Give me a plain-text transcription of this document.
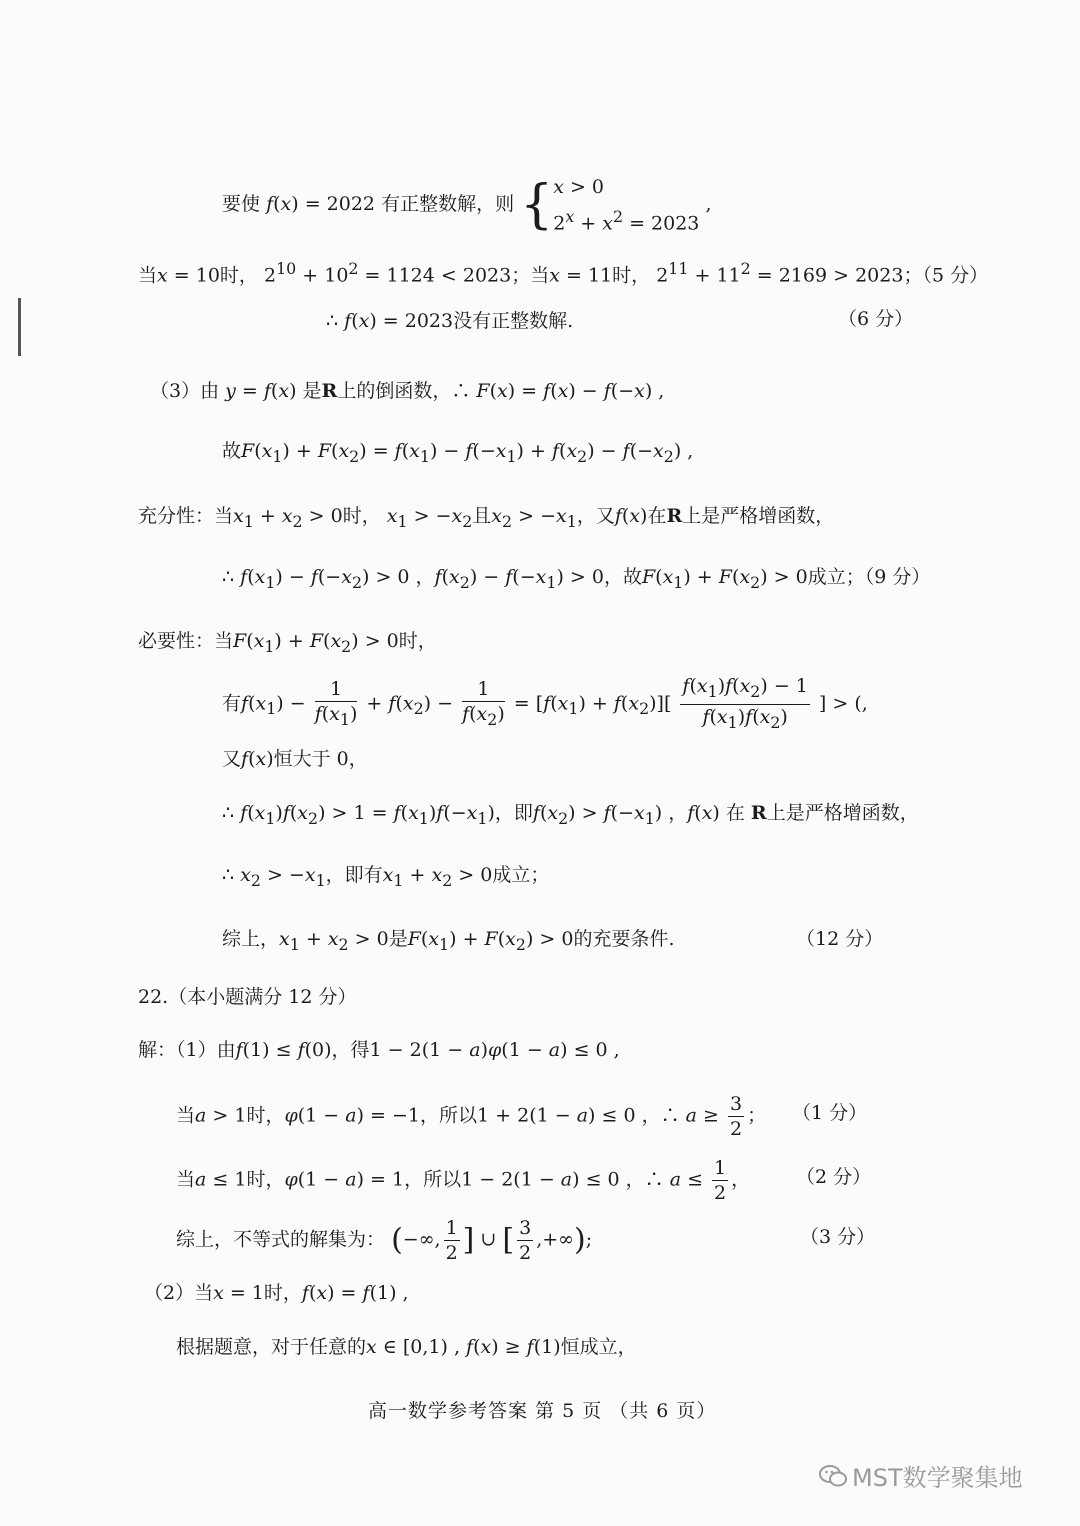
要使 f(x) = 2022 有正整数解，则 { x > 0
$2^x + x^2 = 2023$
,
当x = 10时， $2^{10} + 10^2 = 1124 < 2023$；当x = 11时， $2^{11} + 11^2 = 2169 > 2023$；（5 分）
∴ f(x) = 2023没有正整数解.	（6 分）
（3）由 y = f(x) 是R上的倒函数，∴ F(x) = f(x) − f(−x) ,
故$F(x_1) + F(x_2) = f(x_1) - f(-x_1) + f(x_2) - f(-x_2)$ ,
充分性：当$x_1 + x_2 > 0$时， $x_1 > -x_2$且$x_2 > -x_1$，又f(x)在R上是严格增函数，
∴ $f(x_1) - f(-x_2) > 0$ ，$f(x_2) - f(-x_1) > 0$，故$F(x_1) + F(x_2) > 0$成立；（9 分）
必要性：当$F(x_1) + F(x_2) > 0$时，
有$f(x_1) - \frac{1}{f(x_1)} + f(x_2) - \frac{1}{f(x_2)} = [f(x_1) + f(x_2)][ \frac{f(x_1)f(x_2) - 1}{f(x_1)f(x_2)}$ ] > (,
又f(x)恒大于 0，
∴ $f(x_1)f(x_2) > 1 = f(x_1)f(-x_1)$，即$f(x_2) > f(-x_1)$ ，f(x) 在 R上是严格增函数，
∴ $x_2 > -x_1$，即有$x_1 + x_2 > 0$成立；
综上，$x_1 + x_2 > 0$是$F(x_1) + F(x_2) > 0$的充要条件.	（12 分）
22.（本小题满分 12 分）
解：（1）由f(1) ≤ f(0)，得1 − 2(1 − a)φ(1 − a) ≤ 0 ,
当a > 1时，φ(1 − a) = −1，所以1 + 2(1 − a) ≤ 0 ，∴ $a \ge \frac{3}{2}$ ； （1 分）
当a ≤ 1时，φ(1 − a) = 1，所以1 − 2(1 − a) ≤ 0 ，∴ $a \le \frac{1}{2}$ ， （2 分）
综上，不等式的解集为： (−∞, $\frac{1}{2}$ ] ∪ [ $\frac{3}{2}$ ,+∞);	（3 分）
（2）当x = 1时，f(x) = f(1) ,
根据题意，对于任意的x ∈ [0,1) , f(x) ≥ f(1)恒成立，
高一数学参考答案 第 5 页 （共 6 页）
MST数学聚集地
